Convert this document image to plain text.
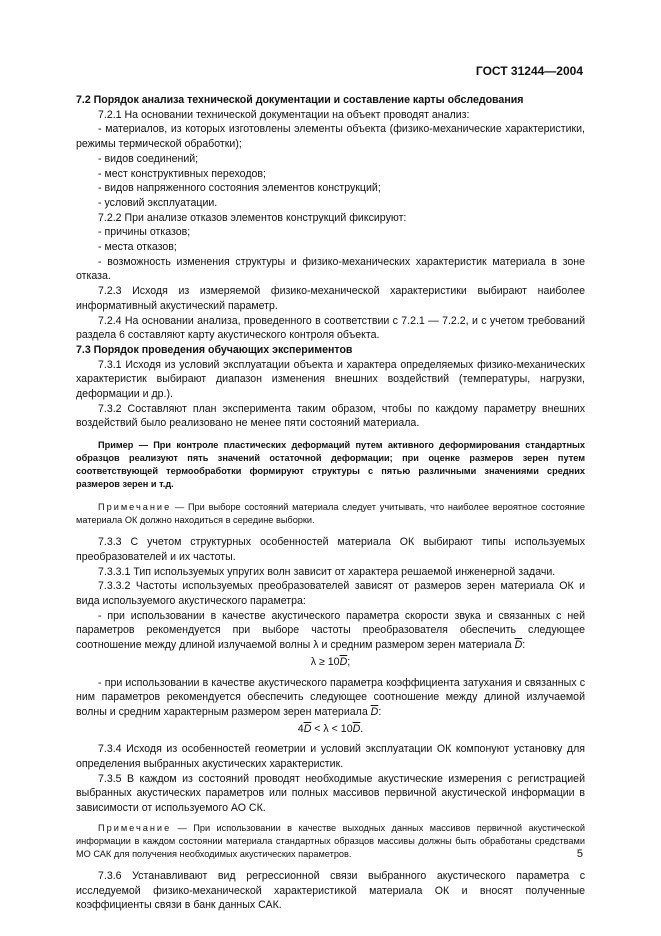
ГОСТ 31244—2004

7.2 Порядок анализа технической документации и составление карты обследования

7.2.1 На основании технической документации на объект проводят анализ:

- материалов, из которых изготовлены элементы объекта (физико-механические характеристики, режимы термической обработки);

- видов соединений;

- мест конструктивных переходов;

- видов напряженного состояния элементов конструкций;

- условий эксплуатации.

7.2.2 При анализе отказов элементов конструкций фиксируют:

- причины отказов;

- места отказов;

- возможность изменения структуры и физико-механических характеристик материала в зоне отказа.

7.2.3 Исходя из измеряемой физико-механической характеристики выбирают наиболее информативный акустический параметр.

7.2.4 На основании анализа, проведенного в соответствии с 7.2.1 — 7.2.2, и с учетом требований раздела 6 составляют карту акустического контроля объекта.

7.3 Порядок проведения обучающих экспериментов

7.3.1 Исходя из условий эксплуатации объекта и характера определяемых физико-механических характеристик выбирают диапазон изменения внешних воздействий (температуры, нагрузки, деформации и др.).

7.3.2 Составляют план эксперимента таким образом, чтобы по каждому параметру внешних воздействий было реализовано не менее пяти состояний материала.

Пример — При контроле пластических деформаций путем активного деформирования стандартных образцов реализуют пять значений остаточной деформации; при оценке размеров зерен путем соответствующей термообработки формируют структуры с пятью различными значениями средних размеров зерен и т.д.

Примечание — При выборе состояний материала следует учитывать, что наиболее вероятное состояние материала ОК должно находиться в середине выборки.

7.3.3 С учетом структурных особенностей материала ОК выбирают типы используемых преобразователей и их частоты.

7.3.3.1 Тип используемых упругих волн зависит от характера решаемой инженерной задачи.

7.3.3.2 Частоты используемых преобразователей зависят от размеров зерен материала ОК и вида используемого акустического параметра:

- при использовании в качестве акустического параметра скорости звука и связанных с ней параметров рекомендуется при выборе частоты преобразователя обеспечить следующее соотношение между длиной излучаемой волны λ и средним размером зерен материала $\overline{D}$:

$\lambda \ge 10\overline{D}$;

- при использовании в качестве акустического параметра коэффициента затухания и связанных с ним параметров рекомендуется обеспечить следующее соотношение между длиной излучаемой волны и средним характерным размером зерен материала $\overline{D}$:

$4\overline{D} < \lambda < 10\overline{D}$.

7.3.4 Исходя из особенностей геометрии и условий эксплуатации ОК компонуют установку для определения выбранных акустических характеристик.

7.3.5 В каждом из состояний проводят необходимые акустические измерения с регистрацией выбранных акустических параметров или полных массивов первичной акустической информации в зависимости от используемого АО СК.

Примечание — При использовании в качестве выходных данных массивов первичной акустической информации в каждом состоянии материала стандартных образцов массивы должны быть обработаны средствами МО САК для получения необходимых акустических параметров.

7.3.6 Устанавливают вид регрессионной связи выбранного акустического параметра с исследуемой физико-механической характеристикой материала ОК и вносят полученные коэффициенты связи в банк данных САК.

5
